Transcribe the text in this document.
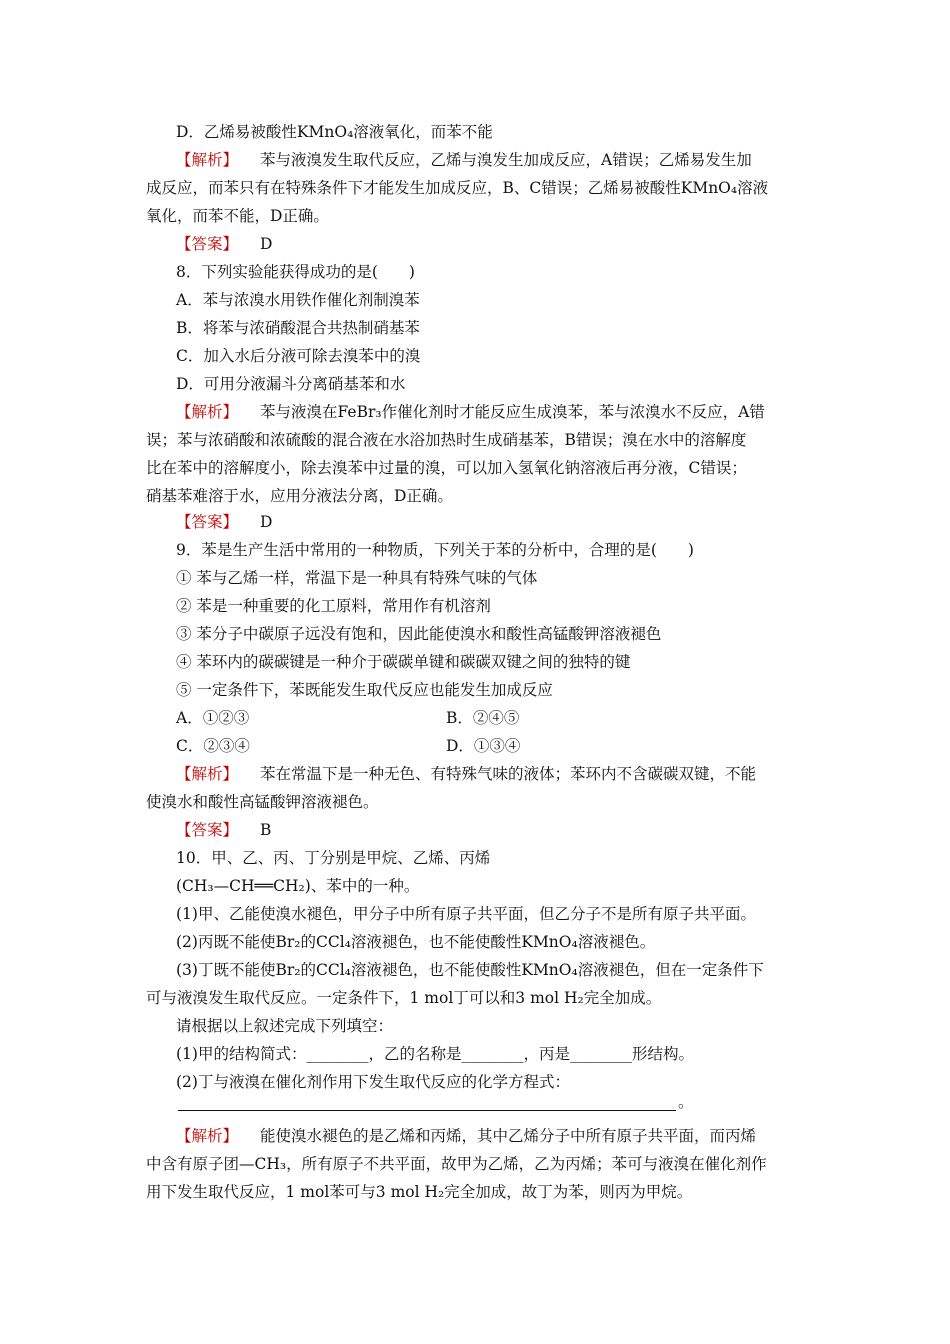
D．乙烯易被酸性KMnO₄溶液氧化，而苯不能
【解析】 苯与液溴发生取代反应，乙烯与溴发生加成反应，A错误；乙烯易发生加
成反应，而苯只有在特殊条件下才能发生加成反应，B、C错误；乙烯易被酸性KMnO₄溶液
氧化，而苯不能，D正确。
【答案】 D
8．下列实验能获得成功的是(　　)
A．苯与浓溴水用铁作催化剂制溴苯
B．将苯与浓硝酸混合共热制硝基苯
C．加入水后分液可除去溴苯中的溴
D．可用分液漏斗分离硝基苯和水
【解析】 苯与液溴在FeBr₃作催化剂时才能反应生成溴苯，苯与浓溴水不反应，A错
误；苯与浓硝酸和浓硫酸的混合液在水浴加热时生成硝基苯，B错误；溴在水中的溶解度
比在苯中的溶解度小，除去溴苯中过量的溴，可以加入氢氧化钠溶液后再分液，C错误；
硝基苯难溶于水，应用分液法分离，D正确。
【答案】 D
9．苯是生产生活中常用的一种物质，下列关于苯的分析中，合理的是(　　)
① 苯与乙烯一样，常温下是一种具有特殊气味的气体
② 苯是一种重要的化工原料，常用作有机溶剂
③ 苯分子中碳原子远没有饱和，因此能使溴水和酸性高锰酸钾溶液褪色
④ 苯环内的碳碳键是一种介于碳碳单键和碳碳双键之间的独特的键
⑤ 一定条件下，苯既能发生取代反应也能发生加成反应
A．①②③	B．②④⑤
C．②③④	D．①③④
【解析】 苯在常温下是一种无色、有特殊气味的液体；苯环内不含碳碳双键，不能
使溴水和酸性高锰酸钾溶液褪色。
【答案】 B
10．甲、乙、丙、丁分别是甲烷、乙烯、丙烯
(CH₃—CH══CH₂)、苯中的一种。
(1)甲、乙能使溴水褪色，甲分子中所有原子共平面，但乙分子不是所有原子共平面。
(2)丙既不能使Br₂的CCl₄溶液褪色，也不能使酸性KMnO₄溶液褪色。
(3)丁既不能使Br₂的CCl₄溶液褪色，也不能使酸性KMnO₄溶液褪色，但在一定条件下
可与液溴发生取代反应。一定条件下，1 mol丁可以和3 mol H₂完全加成。
请根据以上叙述完成下列填空：
(1)甲的结构简式：________，乙的名称是________，丙是________形结构。
(2)丁与液溴在催化剂作用下发生取代反应的化学方程式：
。
【解析】 能使溴水褪色的是乙烯和丙烯，其中乙烯分子中所有原子共平面，而丙烯
中含有原子团—CH₃，所有原子不共平面，故甲为乙烯，乙为丙烯；苯可与液溴在催化剂作
用下发生取代反应，1 mol苯可与3 mol H₂完全加成，故丁为苯，则丙为甲烷。
